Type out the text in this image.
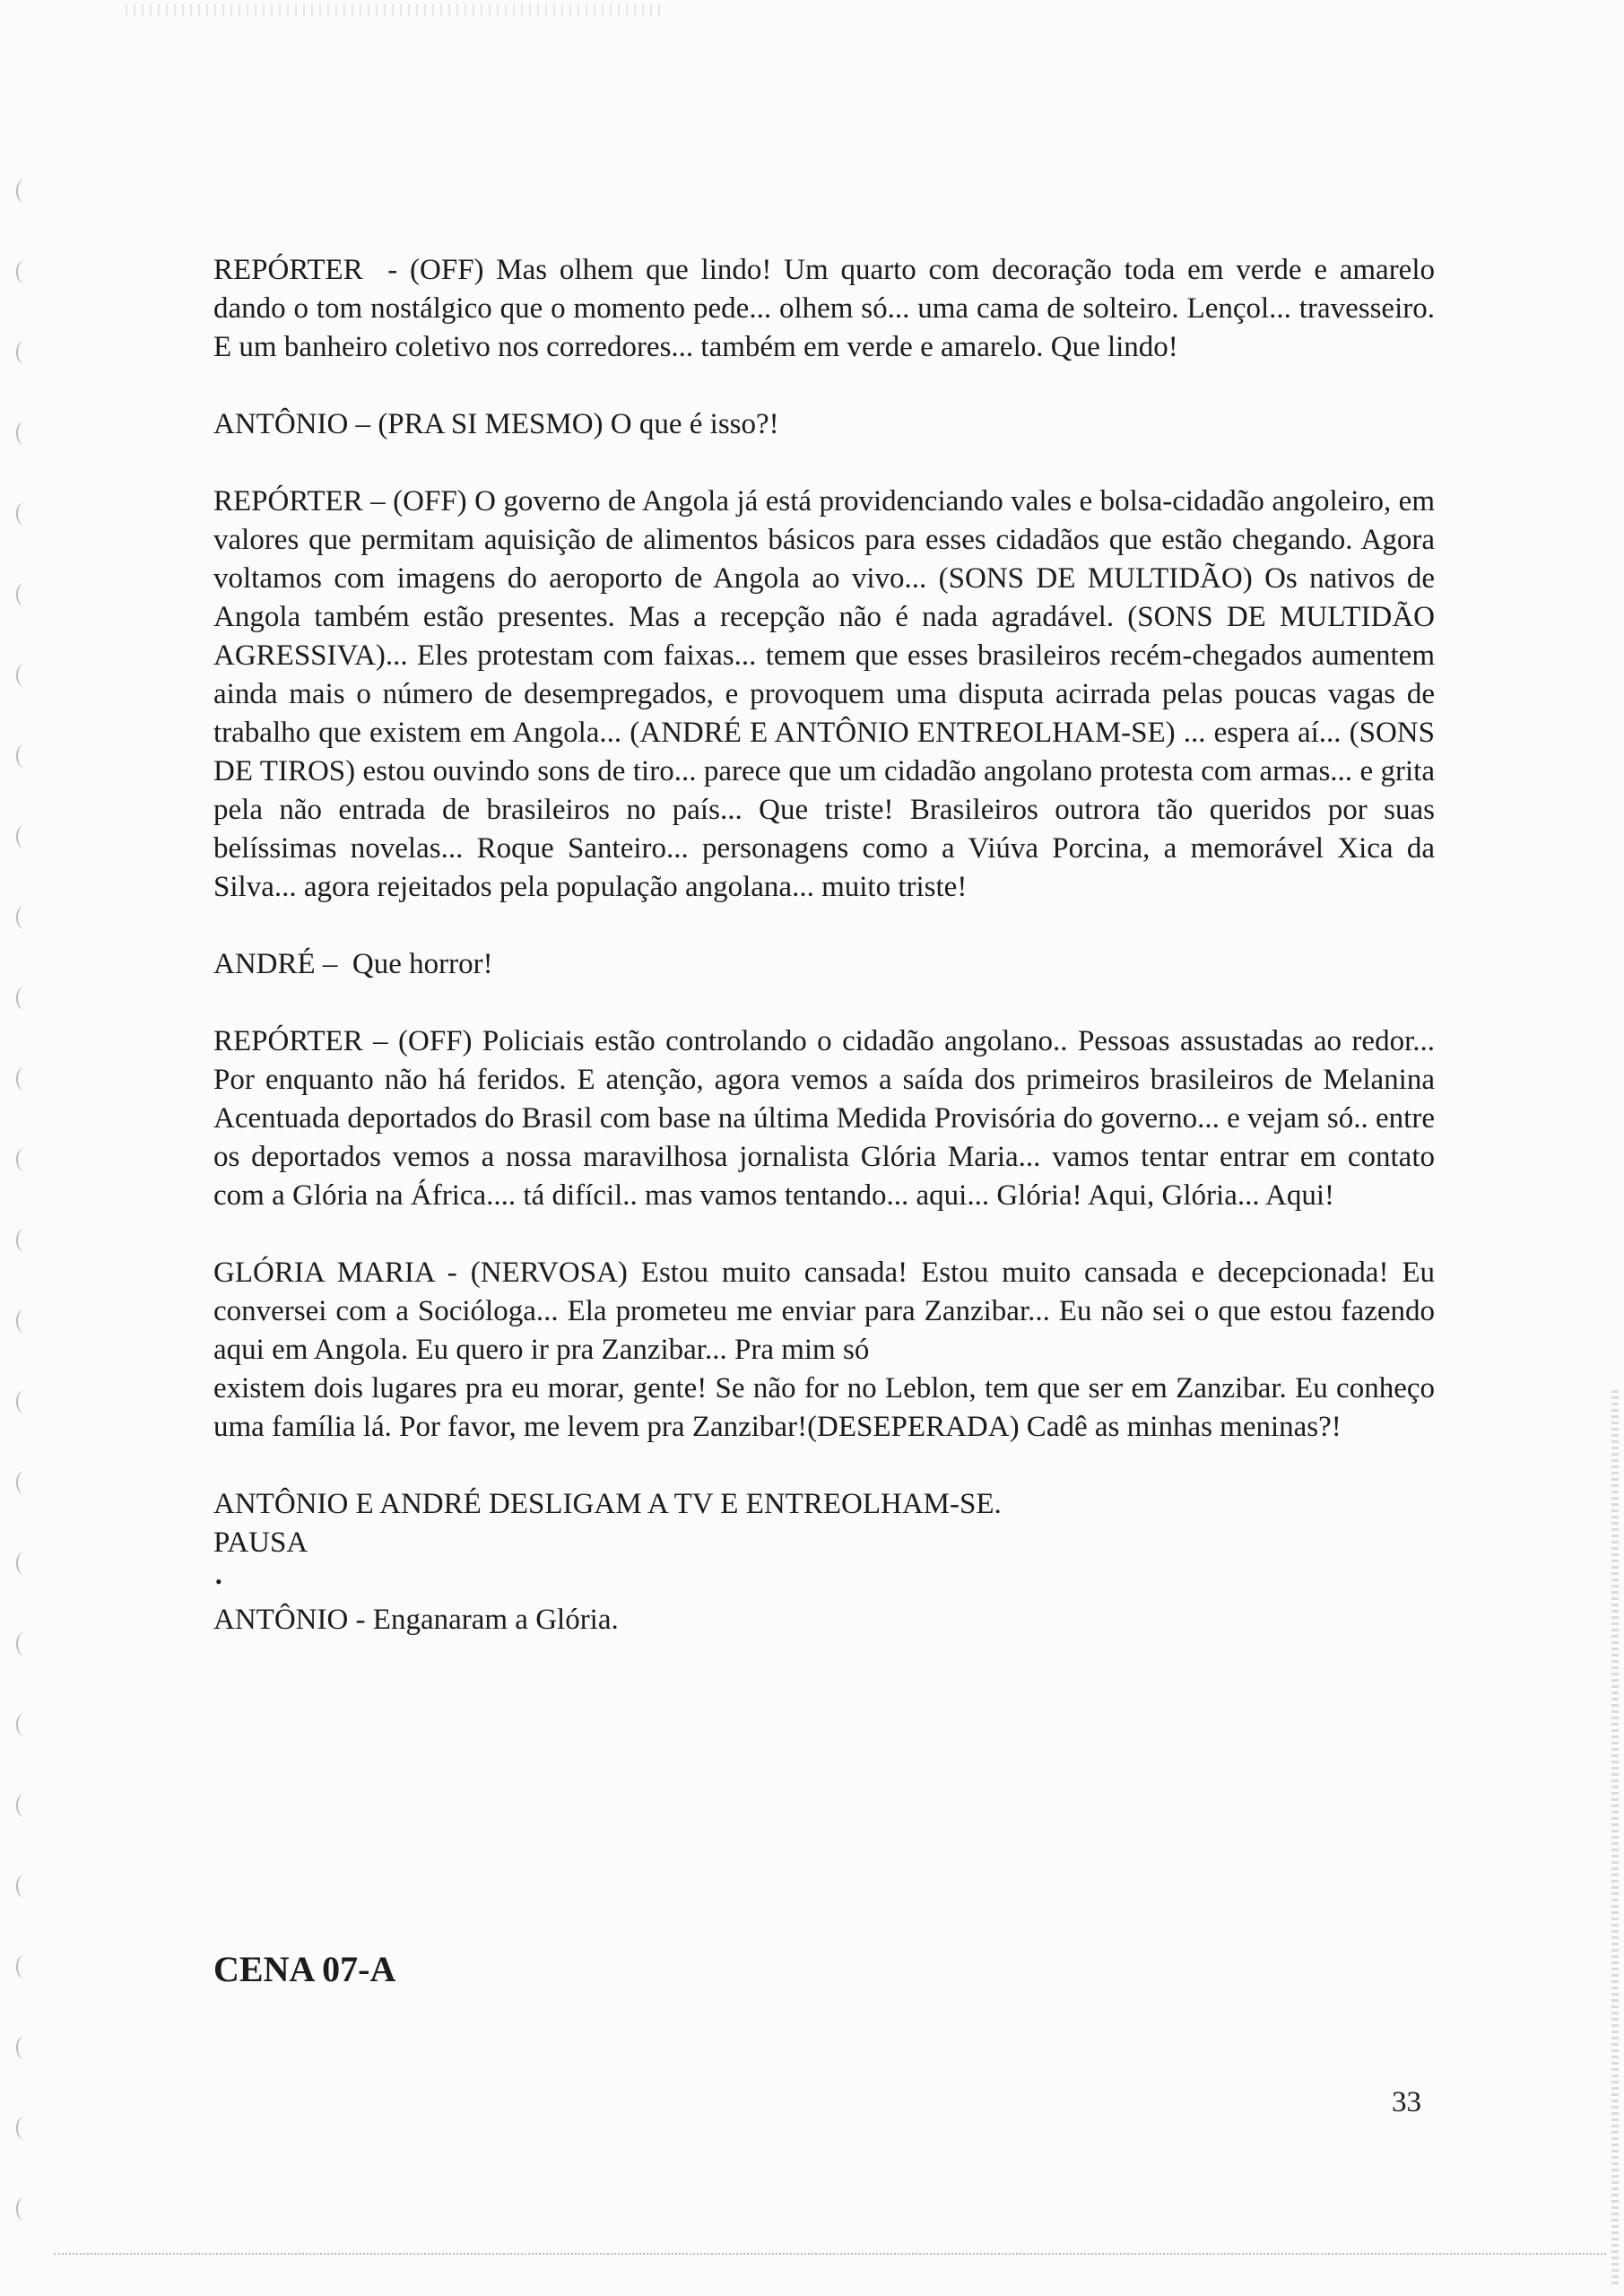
REPÓRTER  - (OFF) Mas olhem que lindo! Um quarto com decoração toda em verde e amarelo dando o tom nostálgico que o momento pede... olhem só... uma cama de solteiro. Lençol... travesseiro. E um banheiro coletivo nos corredores... também em verde e amarelo. Que lindo!

ANTÔNIO – (PRA SI MESMO) O que é isso?!

REPÓRTER – (OFF) O governo de Angola já está providenciando vales e bolsa-cidadão angoleiro, em valores que permitam aquisição de alimentos básicos para esses cidadãos que estão chegando. Agora voltamos com imagens do aeroporto de Angola ao vivo... (SONS DE MULTIDÃO) Os nativos de Angola também estão presentes. Mas a recepção não é nada agradável. (SONS DE MULTIDÃO AGRESSIVA)... Eles protestam com faixas... temem que esses brasileiros recém-chegados aumentem ainda mais o número de desempregados, e provoquem uma disputa acirrada pelas poucas vagas de trabalho que existem em Angola... (ANDRÉ E ANTÔNIO ENTREOLHAM-SE) ... espera aí... (SONS DE TIROS) estou ouvindo sons de tiro... parece que um cidadão angolano protesta com armas... e grita pela não entrada de brasileiros no país... Que triste! Brasileiros outrora tão queridos por suas belíssimas novelas... Roque Santeiro... personagens como a Viúva Porcina, a memorável Xica da Silva... agora rejeitados pela população angolana... muito triste!

ANDRÉ –  Que horror!

REPÓRTER – (OFF) Policiais estão controlando o cidadão angolano.. Pessoas assustadas ao redor... Por enquanto não há feridos. E atenção, agora vemos a saída dos primeiros brasileiros de Melanina Acentuada deportados do Brasil com base na última Medida Provisória do governo... e vejam só.. entre os deportados vemos a nossa maravilhosa jornalista Glória Maria... vamos tentar entrar em contato com a Glória na África.... tá difícil.. mas vamos tentando... aqui... Glória! Aqui, Glória... Aqui!

GLÓRIA MARIA - (NERVOSA) Estou muito cansada! Estou muito cansada e decepcionada! Eu conversei com a Socióloga... Ela prometeu me enviar para Zanzibar... Eu não sei o que estou fazendo aqui em Angola. Eu quero ir pra Zanzibar... Pra mim só
existem dois lugares pra eu morar, gente! Se não for no Leblon, tem que ser em Zanzibar. Eu conheço uma família lá. Por favor, me levem pra Zanzibar!(DESEPERADA) Cadê as minhas meninas?!
ANTÔNIO E ANDRÉ DESLIGAM A TV E ENTREOLHAM-SE.
PAUSA
•

ANTÔNIO - Enganaram a Glória.

CENA 07-A
33
